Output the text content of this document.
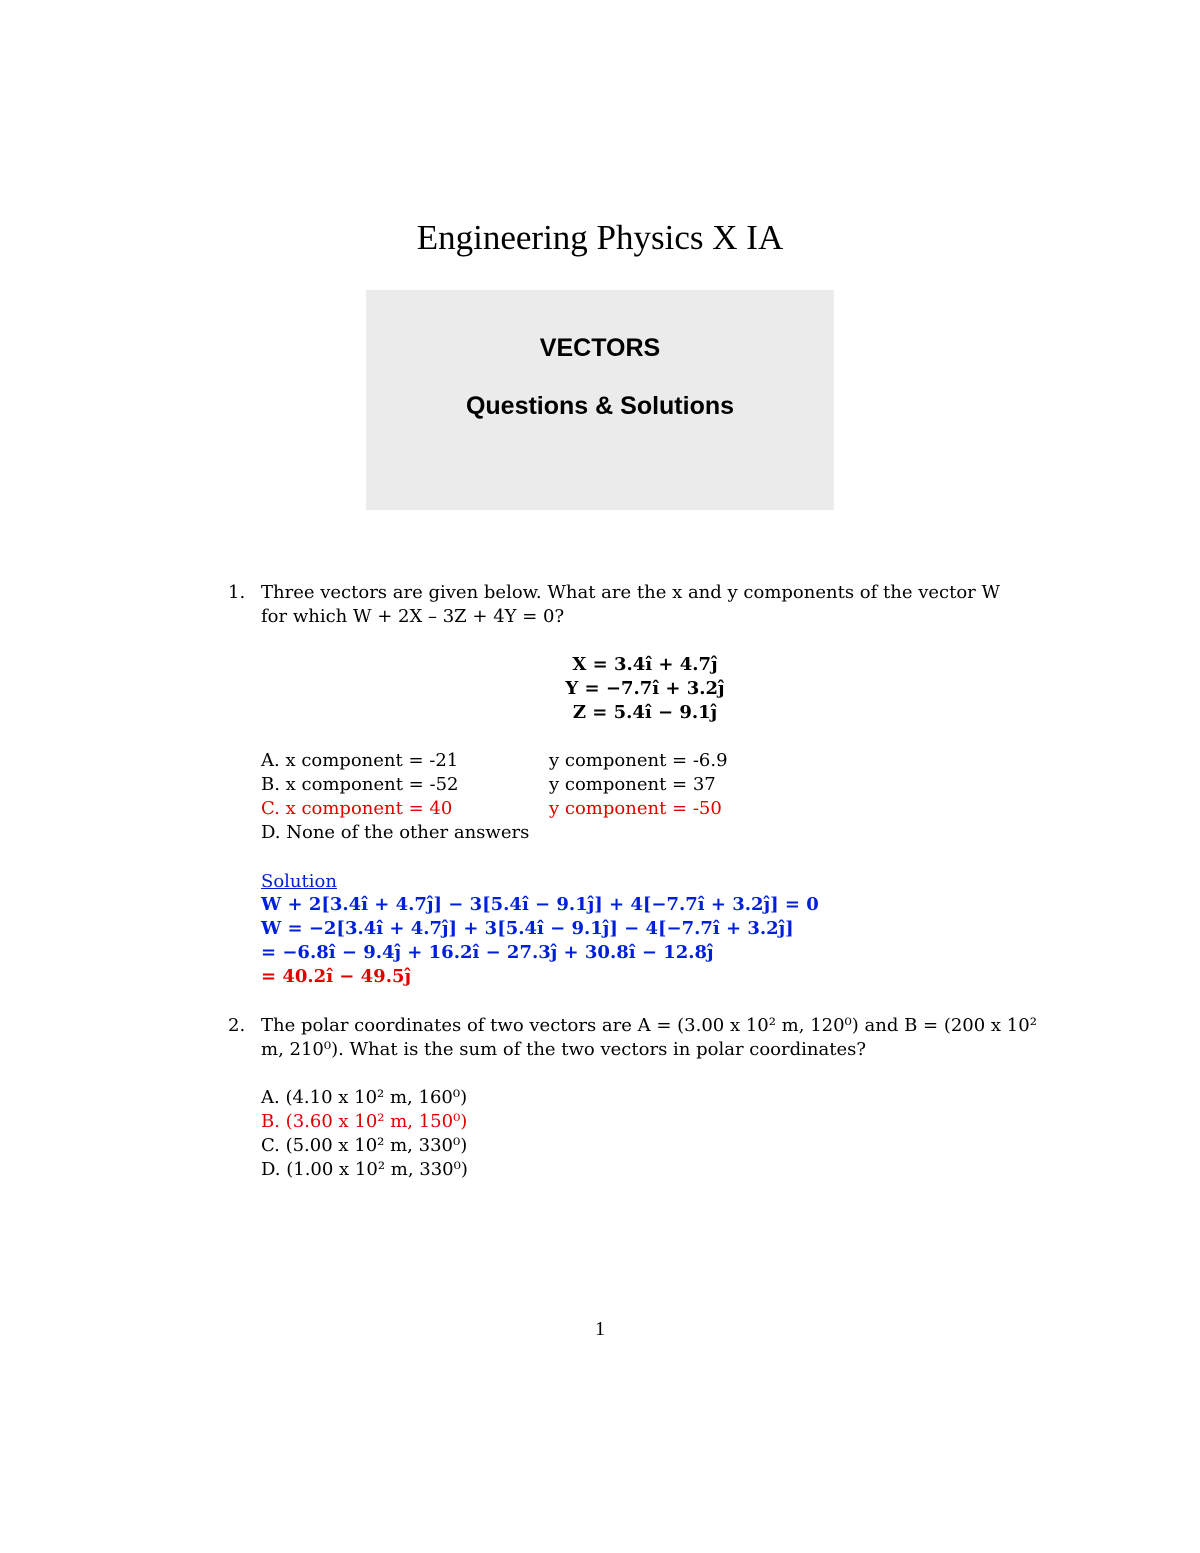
Engineering Physics X IA
VECTORS
Questions & Solutions
1. Three vectors are given below. What are the x and y components of the vector W
for which W + 2X – 3Z + 4Y = 0?
X = 3.4î + 4.7ĵ
Y = −7.7î + 3.2ĵ
Z = 5.4î − 9.1ĵ
A. x component = -21	y component = -6.9
B. x component = -52	y component = 37
C. x component = 40	y component = -50
D. None of the other answers
Solution
W + 2[3.4î + 4.7ĵ] − 3[5.4î − 9.1ĵ] + 4[−7.7î + 3.2ĵ] = 0
W = −2[3.4î + 4.7ĵ] + 3[5.4î − 9.1ĵ] − 4[−7.7î + 3.2ĵ]
= −6.8î − 9.4ĵ + 16.2î − 27.3ĵ + 30.8î − 12.8ĵ
= 40.2î − 49.5ĵ
2. The polar coordinates of two vectors are A = (3.00 x 10² m, 120⁰) and B = (200 x 10²
m, 210⁰). What is the sum of the two vectors in polar coordinates?
A. (4.10 x 10² m, 160⁰)
B. (3.60 x 10² m, 150⁰)
C. (5.00 x 10² m, 330⁰)
D. (1.00 x 10² m, 330⁰)
1
